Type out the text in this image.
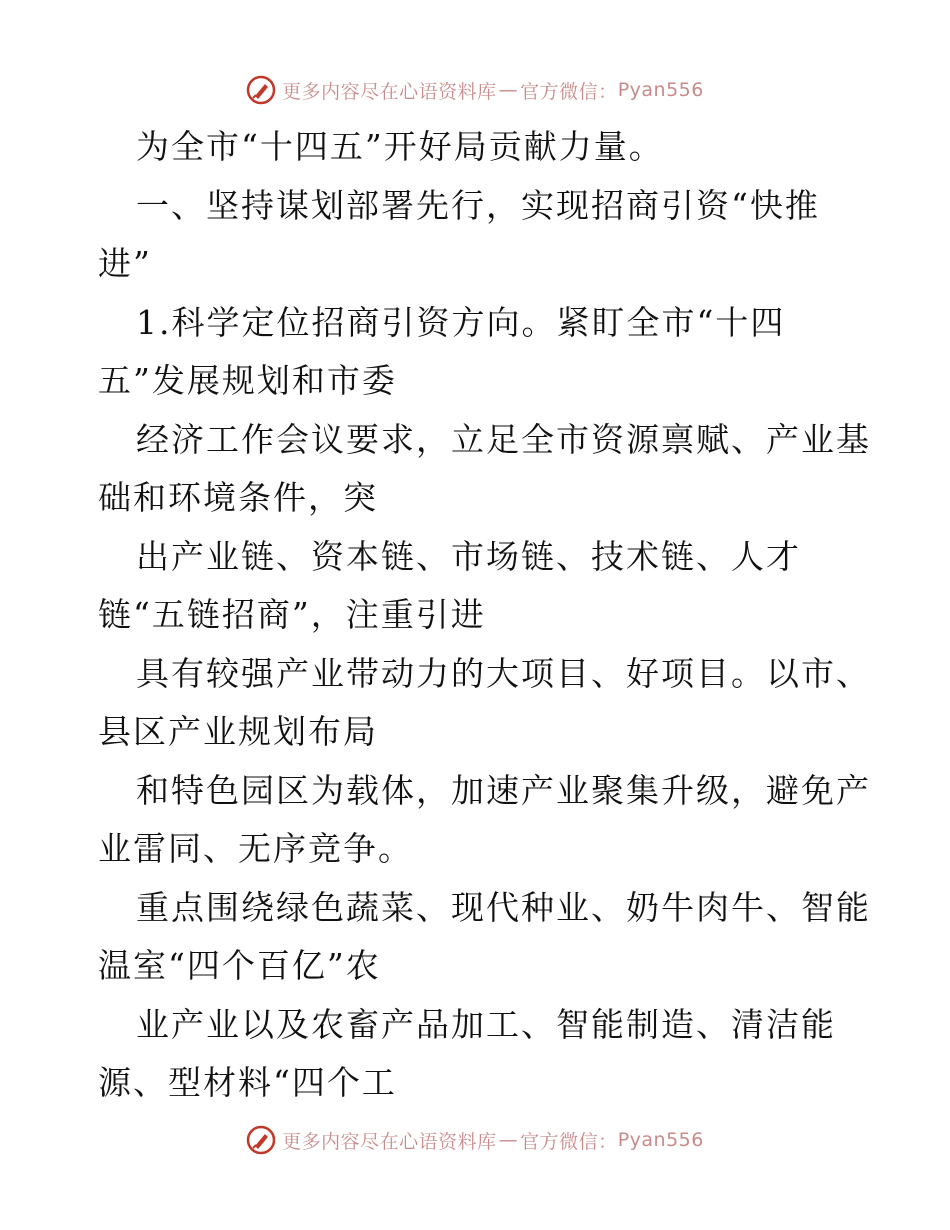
更多内容尽在心语资料库 — 官方微信： Pyan556
为全市“十四五”开好局贡献力量。
一、坚持谋划部署先行，实现招商引资“快推
进”
1.科学定位招商引资方向。紧盯全市“十四
五”发展规划和市委
经济工作会议要求，立足全市资源禀赋、产业基
础和环境条件，突
出产业链、资本链、市场链、技术链、人才
链“五链招商”，注重引进
具有较强产业带动力的大项目、好项目。以市、
县区产业规划布局
和特色园区为载体，加速产业聚集升级，避免产
业雷同、无序竞争。
重点围绕绿色蔬菜、现代种业、奶牛肉牛、智能
温室“四个百亿”农
业产业以及农畜产品加工、智能制造、清洁能
源、型材料“四个工
更多内容尽在心语资料库 — 官方微信： Pyan556
